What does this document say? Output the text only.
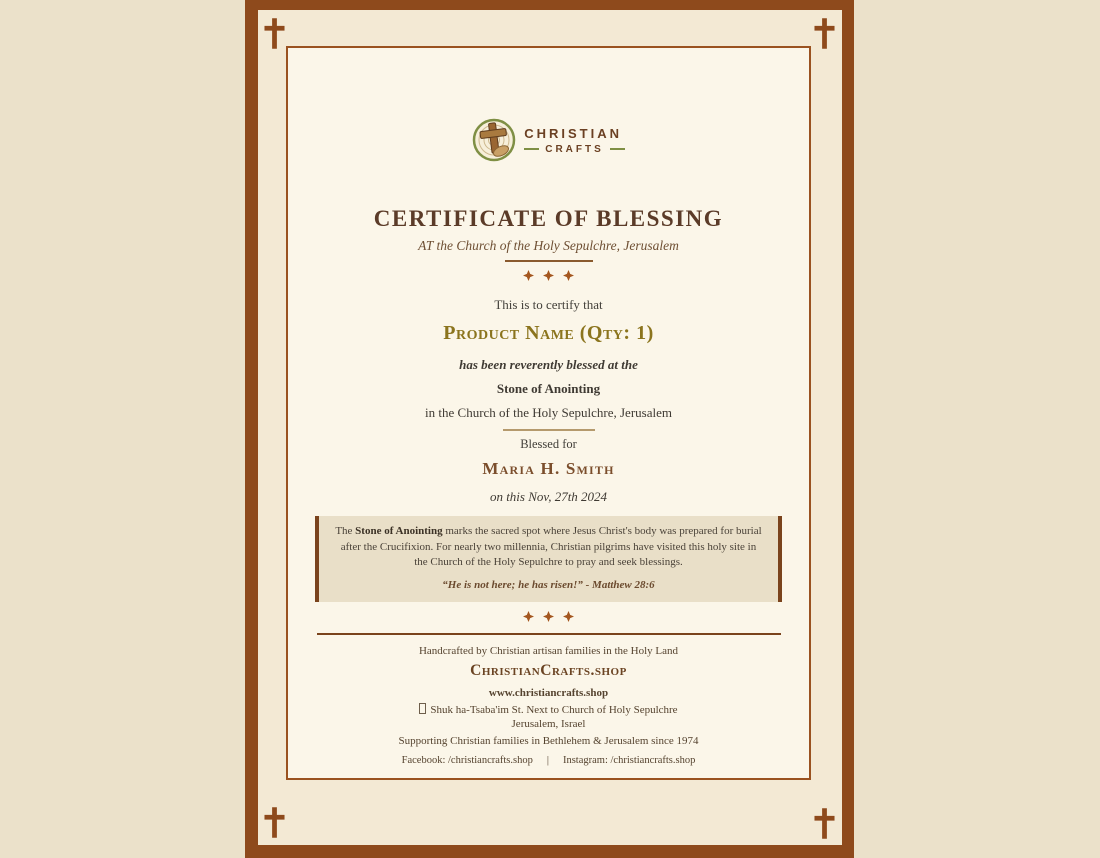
CHRISTIAN
CRAFTS
CERTIFICATE OF BLESSING
AT the Church of the Holy Sepulchre, Jerusalem

This is to certify that

Product Name (Qty: 1)

has been reverently blessed at the

Stone of Anointing

in the Church of the Holy Sepulchre, Jerusalem

Blessed for

Maria H. Smith

on this Nov, 27th 2024

The Stone of Anointing marks the sacred spot where Jesus Christ's body was prepared for burial after the Crucifixion. For nearly two millennia, Christian pilgrims have visited this holy site in the Church of the Holy Sepulchre to pray and seek blessings.

“He is not here; he has risen!” - Matthew 28:6

Handcrafted by Christian artisan families in the Holy Land

ChristianCrafts.shop

www.christiancrafts.shop

Shuk ha-Tsaba'im St. Next to Church of Holy Sepulchre

Jerusalem, Israel

Supporting Christian families in Bethlehem & Jerusalem since 1974

Facebook: /christiancrafts.shop | Instagram: /christiancrafts.shop
